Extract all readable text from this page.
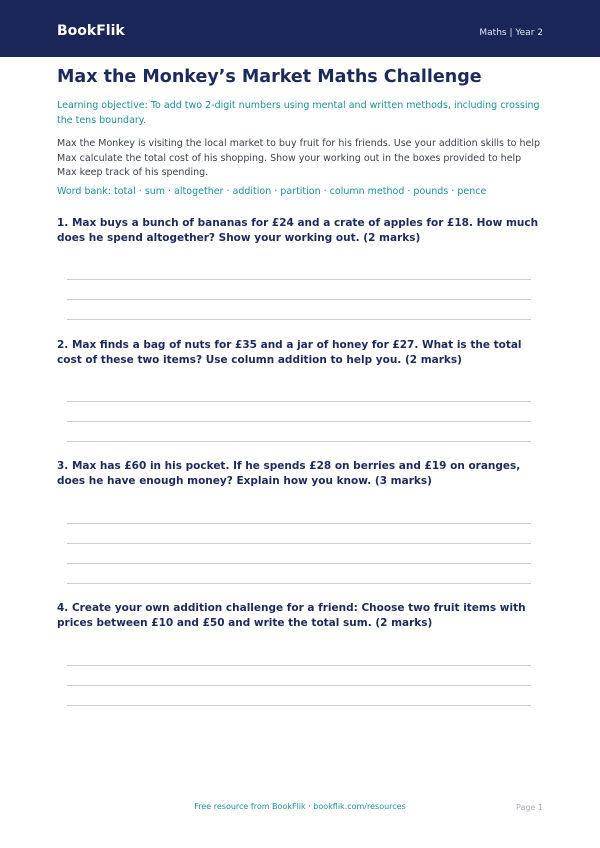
BookFlik	Maths | Year 2
Max the Monkey’s Market Maths Challenge
Learning objective: To add two 2-digit numbers using mental and written methods, including crossing the tens boundary.
Max the Monkey is visiting the local market to buy fruit for his friends. Use your addition skills to help Max calculate the total cost of his shopping. Show your working out in the boxes provided to help Max keep track of his spending.
Word bank: total · sum · altogether · addition · partition · column method · pounds · pence
1. Max buys a bunch of bananas for £24 and a crate of apples for £18. How much does he spend altogether? Show your working out. (2 marks)
2. Max finds a bag of nuts for £35 and a jar of honey for £27. What is the total cost of these two items? Use column addition to help you. (2 marks)
3. Max has £60 in his pocket. If he spends £28 on berries and £19 on oranges, does he have enough money? Explain how you know. (3 marks)
4. Create your own addition challenge for a friend: Choose two fruit items with prices between £10 and £50 and write the total sum. (2 marks)
Free resource from BookFlik · bookflik.com/resources	Page 1
